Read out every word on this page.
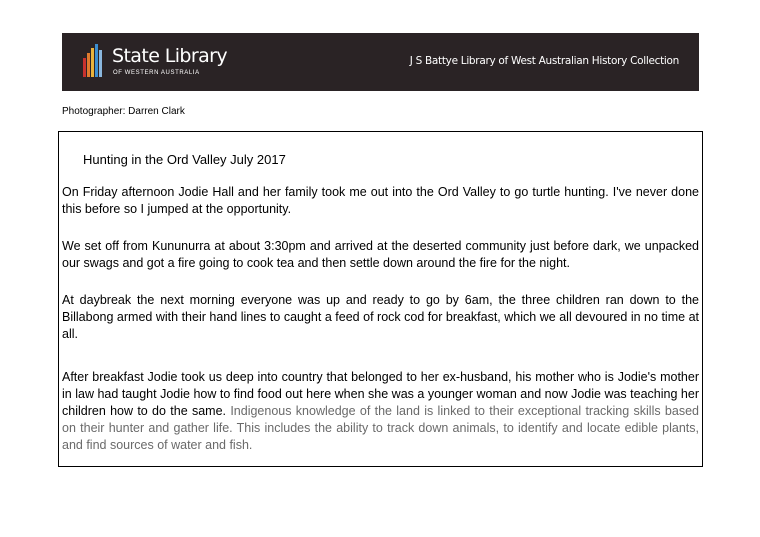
State Library
OF WESTERN AUSTRALIA
J S Battye Library of West Australian History Collection
Photographer: Darren Clark
Hunting in the Ord Valley July 2017

On Friday afternoon Jodie Hall and her family took me out into the Ord Valley to go turtle hunting. I've never done this before so I jumped at the opportunity.

We set off from Kununurra at about 3:30pm and arrived at the deserted community just before dark, we unpacked our swags and got a fire going to cook tea and then settle down around the fire for the night.

At daybreak the next morning everyone was up and ready to go by 6am, the three children ran down to the Billabong armed with their hand lines to caught a feed of rock cod for breakfast, which we all devoured in no time at all.

After breakfast Jodie took us deep into country that belonged to her ex-husband, his mother who is Jodie's mother in law had taught Jodie how to find food out here when she was a younger woman and now Jodie was teaching her children how to do the same. Indigenous knowledge of the land is linked to their exceptional tracking skills based on their hunter and gather life. This includes the ability to track down animals, to identify and locate edible plants, and find sources of water and fish.
